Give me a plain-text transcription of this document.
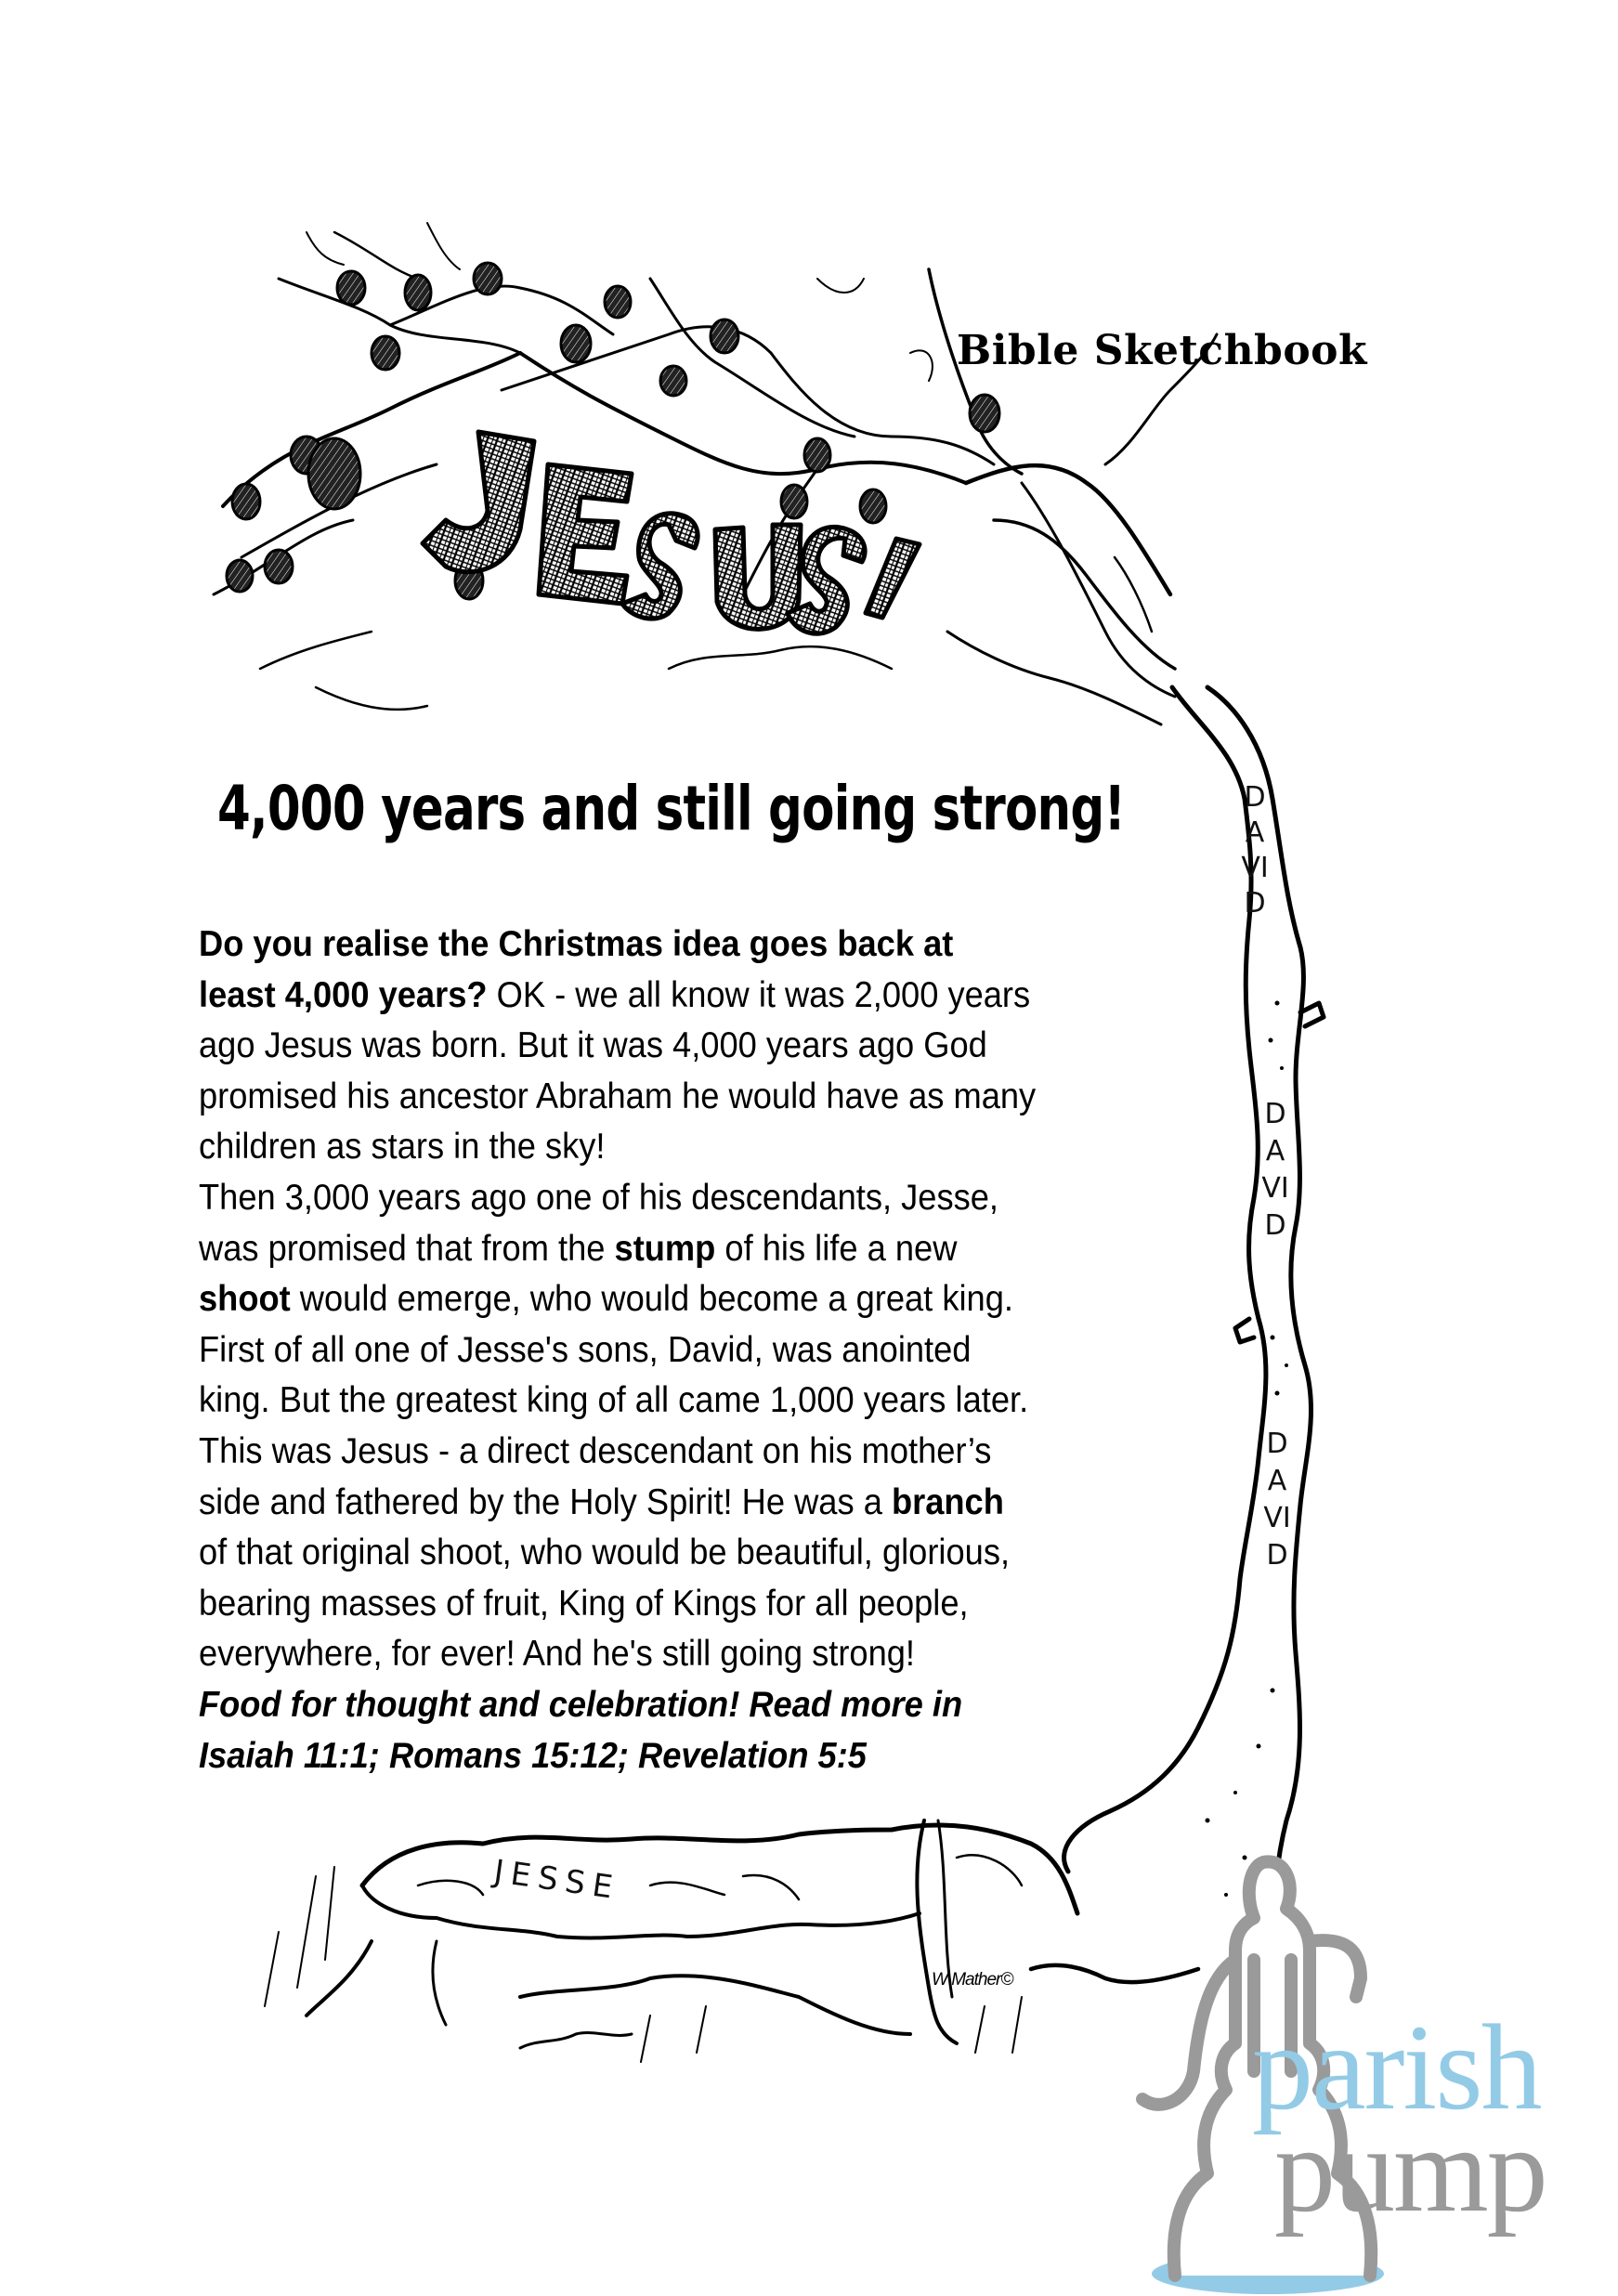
Bible Sketchbook
4,000 years and still going strong!	DAVID
DAVID
DAVID
JESSE

Do you realise the Christmas idea goes back at

least 4,000 years? OK - we all know it was 2,000 years

ago Jesus was born. But it was 4,000 years ago God

promised his ancestor Abraham he would have as many

children as stars in the sky!

Then 3,000 years ago one of his descendants, Jesse,

was promised that from the stump of his life a new

shoot would emerge, who would become a great king.

First of all one of Jesse's sons, David, was anointed

king. But the greatest king of all came 1,000 years later.

This was Jesus - a direct descendant on his mother’s

side and fathered by the Holy Spirit! He was a branch

of that original shoot, who would be beautiful, glorious,

bearing masses of fruit, King of Kings for all people,

everywhere, for ever! And he's still going strong!

Food for thought and celebration! Read more in

Isaiah 11:1; Romans 15:12; Revelation 5:5

W Mather©
parish
pump
